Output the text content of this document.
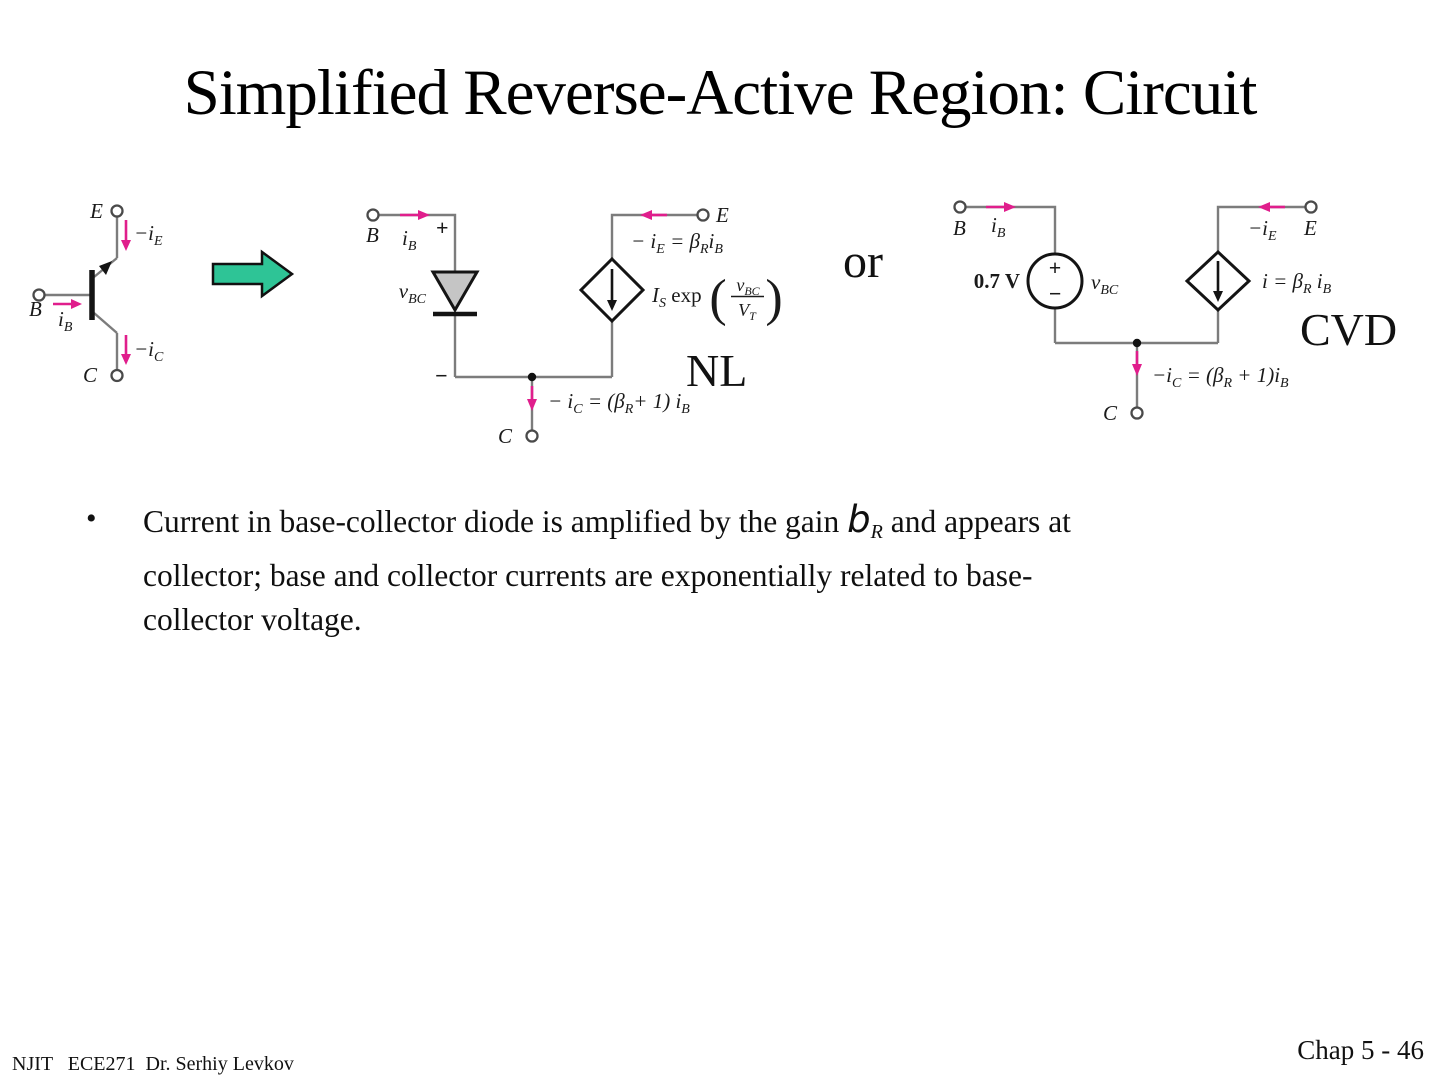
Simplified Reverse-Active Region: Circuit
E
B
C
$-i_E$
$i_B$
$-i_C$
B $i_B$
+
$v_{BC}$
−
E
C
− $i_E = \beta_Ri_B$
$I_S$ exp ( $v_{BC}$
$V_T$ )
− $i_C = (\beta_R+ 1)$ $i_B$
NL
or	+
−
B $i_B$
0.7 V	$v_{BC}$
$-i_E$ E
$i = \beta_R$ $i_B$
C
$-i_C = (\beta_R + 1)i_B$
CVD
• Current in base-collector diode is amplified by the gain $b_R$ and appears at
collector; base and collector currents are exponentially related to base-
collector voltage.
NJIT   ECE271  Dr. Serhiy Levkov	Chap 5 - 46
